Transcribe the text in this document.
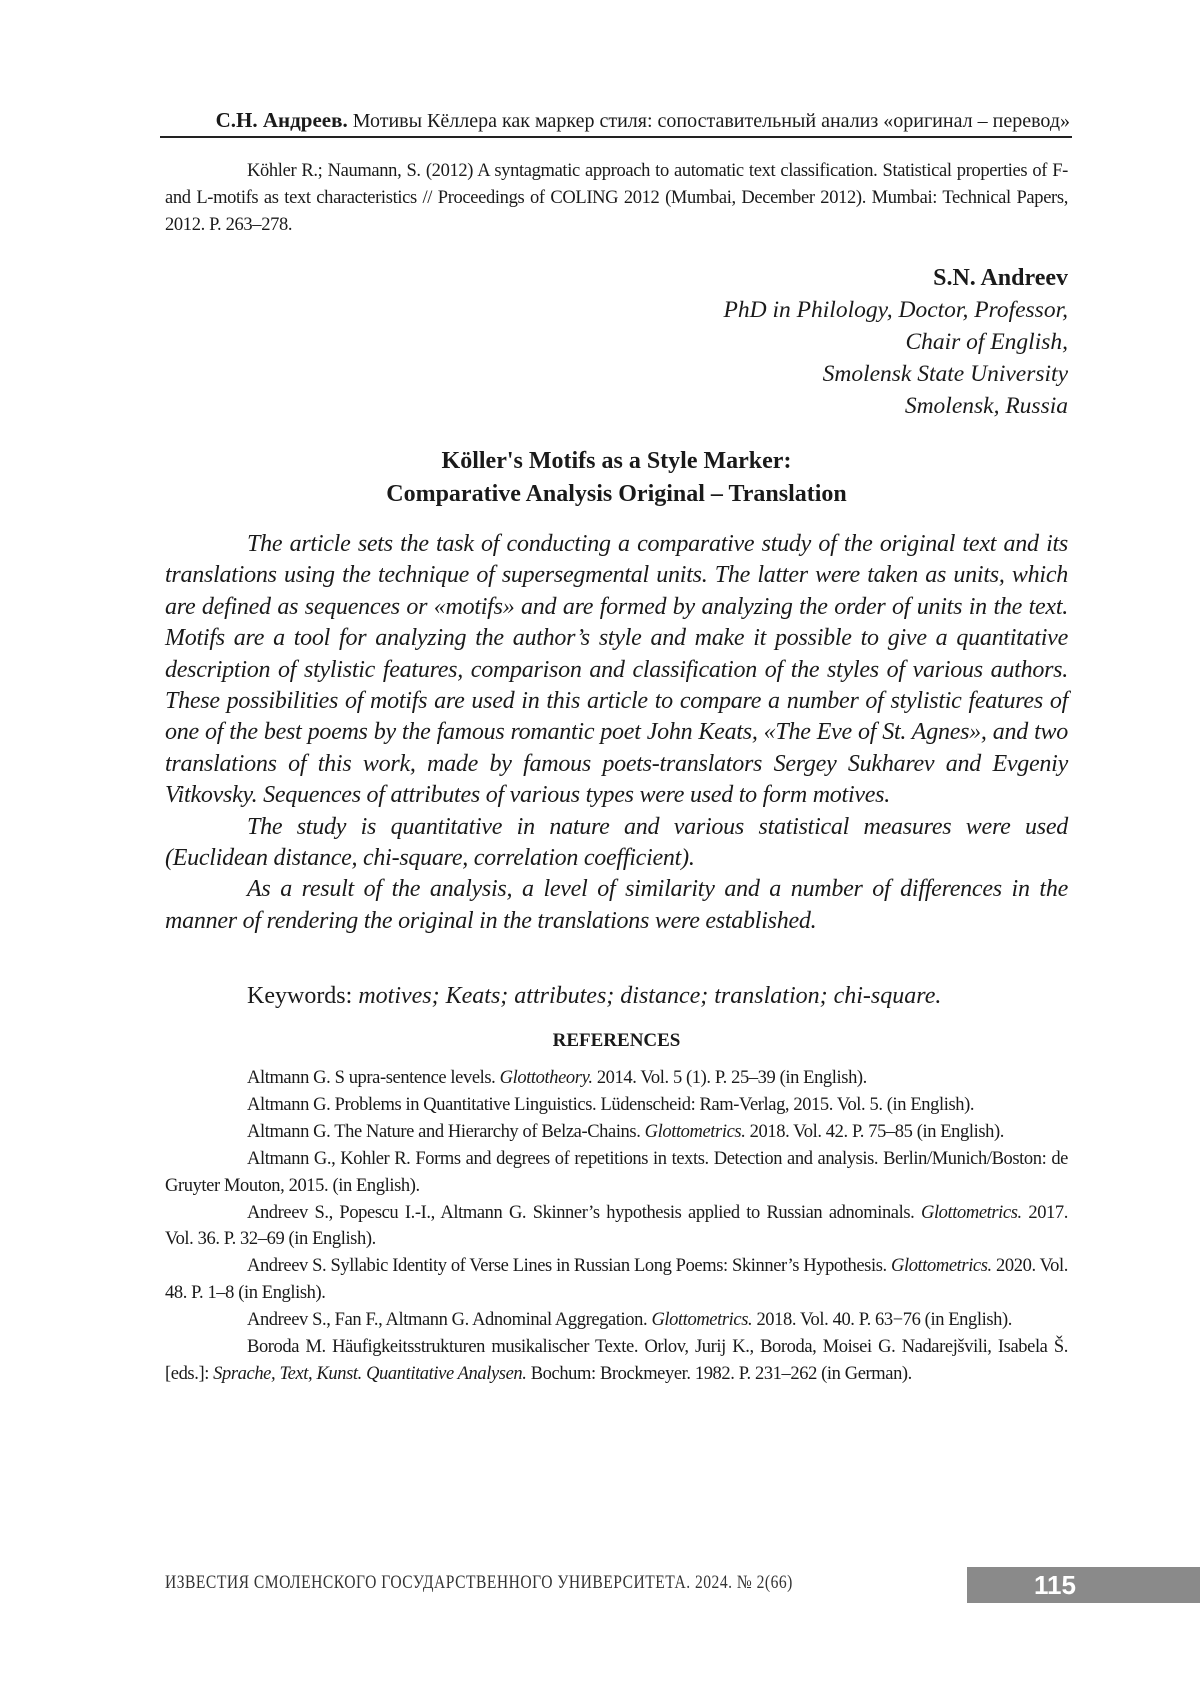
С.Н. Андреев. Мотивы Кёллера как маркер стиля: сопоставительный анализ «оригинал – перевод»

Köhler R.; Naumann, S. (2012) A syntagmatic approach to automatic text classification. Statistical properties of F- and L-motifs as text characteristics // Proceedings of COLING 2012 (Mumbai, December 2012). Mumbai: Technical Papers, 2012. P. 263–278.

S.N. Andreev
PhD in Philology, Doctor, Professor,
Chair of English,
Smolensk State University
Smolensk, Russia
Köller's Motifs as a Style Marker:
Comparative Analysis Original – Translation

The article sets the task of conducting a comparative study of the original text and its translations using the technique of supersegmental units. The latter were taken as units, which are defined as sequences or «motifs» and are formed by analyzing the order of units in the text. Motifs are a tool for analyzing the author’s style and make it possible to give a quantitative description of stylistic features, comparison and classification of the styles of various authors. These possibilities of motifs are used in this article to compare a number of stylistic features of one of the best poems by the famous romantic poet John Keats, «The Eve of St. Agnes», and two translations of this work, made by famous poets-translators Sergey Sukharev and Evgeniy Vitkovsky. Sequences of attributes of various types were used to form motives.

The study is quantitative in nature and various statistical measures were used (Euclidean distance, chi-square, correlation coefficient).

As a result of the analysis, a level of similarity and a number of differences in the manner of rendering the original in the translations were established.

Keywords: motives; Keats; attributes; distance; translation; chi-square.
REFERENCES

Altmann G. S upra-sentence levels. Glottotheory. 2014. Vol. 5 (1). P. 25–39 (in English).

Altmann G. Problems in Quantitative Linguistics. Lüdenscheid: Ram-Verlag, 2015. Vol. 5. (in English).

Altmann G. The Nature and Hierarchy of Belza-Chains. Glottometrics. 2018. Vol. 42. P. 75–85 (in English).

Altmann G., Kohler R. Forms and degrees of repetitions in texts. Detection and analysis. Berlin/Munich/Boston: de Gruyter Mouton, 2015. (in English).

Andreev S., Popescu I.-I., Altmann G. Skinner’s hypothesis applied to Russian adnominals. Glottometrics. 2017. Vol. 36. P. 32–69 (in English).

Andreev S. Syllabic Identity of Verse Lines in Russian Long Poems: Skinner’s Hypothesis. Glottometrics. 2020. Vol. 48. P. 1–8 (in English).

Andreev S., Fan F., Altmann G. Adnominal Aggregation. Glottometrics. 2018. Vol. 40. P. 63−76 (in English).

Boroda M. Häufigkeitsstrukturen musikalischer Texte. Orlov, Jurij K., Boroda, Moisei G. Nadarejšvili, Isabela Š. [eds.]: Sprache, Text, Kunst. Quantitative Analysen. Bochum: Brockmeyer. 1982. P. 231–262 (in German).

ИЗВЕСТИЯ СМОЛЕНСКОГО ГОСУДАРСТВЕННОГО УНИВЕРСИТЕТА. 2024. № 2(66)	115
